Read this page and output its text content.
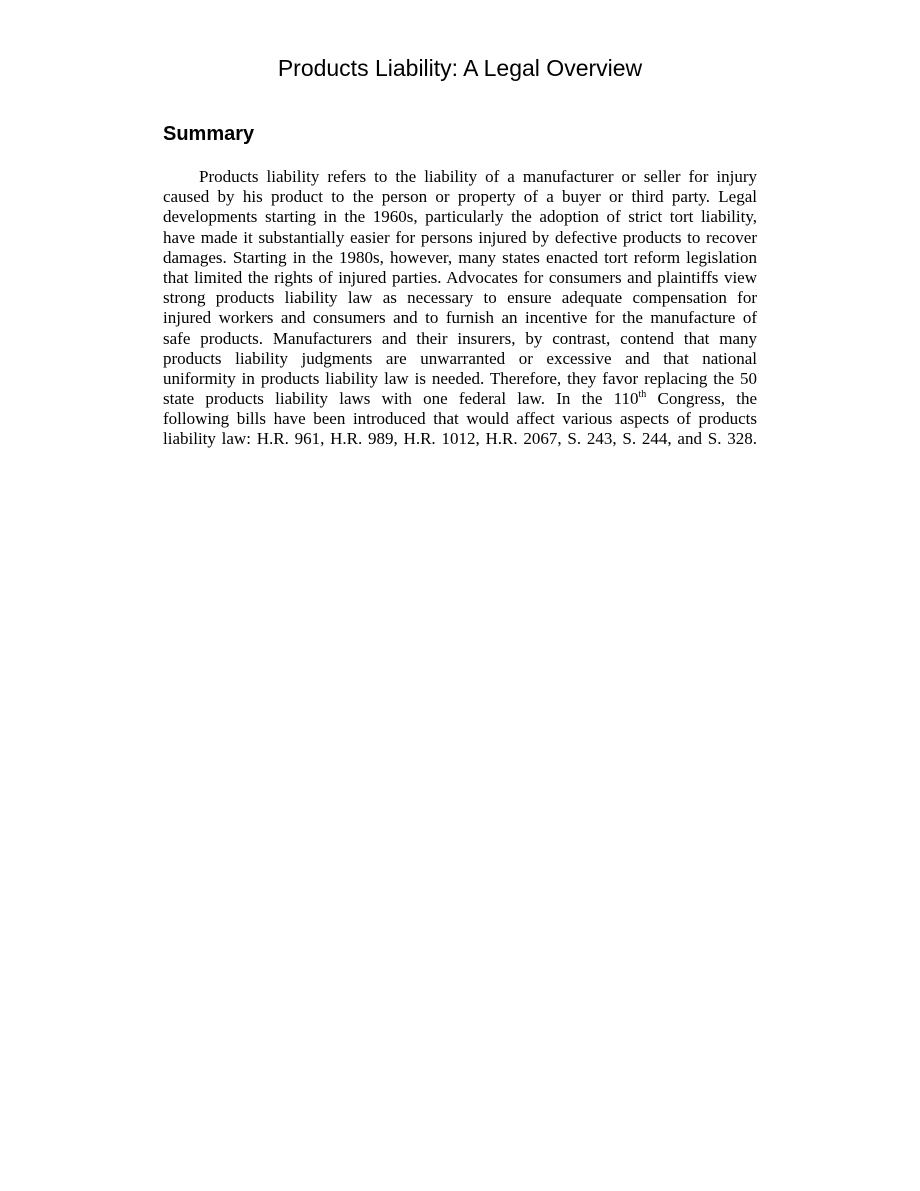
Products Liability: A Legal Overview
Summary
Products liability refers to the liability of a manufacturer or seller for injury
caused by his product to the person or property of a buyer or third party. Legal
developments starting in the 1960s, particularly the adoption of strict tort liability,
have made it substantially easier for persons injured by defective products to recover
damages. Starting in the 1980s, however, many states enacted tort reform legislation
that limited the rights of injured parties. Advocates for consumers and plaintiffs view
strong products liability law as necessary to ensure adequate compensation for
injured workers and consumers and to furnish an incentive for the manufacture of
safe products. Manufacturers and their insurers, by contrast, contend that many
products liability judgments are unwarranted or excessive and that national
uniformity in products liability law is needed. Therefore, they favor replacing the 50
state products liability laws with one federal law. In the 110th Congress, the
following bills have been introduced that would affect various aspects of products
liability law: H.R. 961, H.R. 989, H.R. 1012, H.R. 2067, S. 243, S. 244, and S. 328.
